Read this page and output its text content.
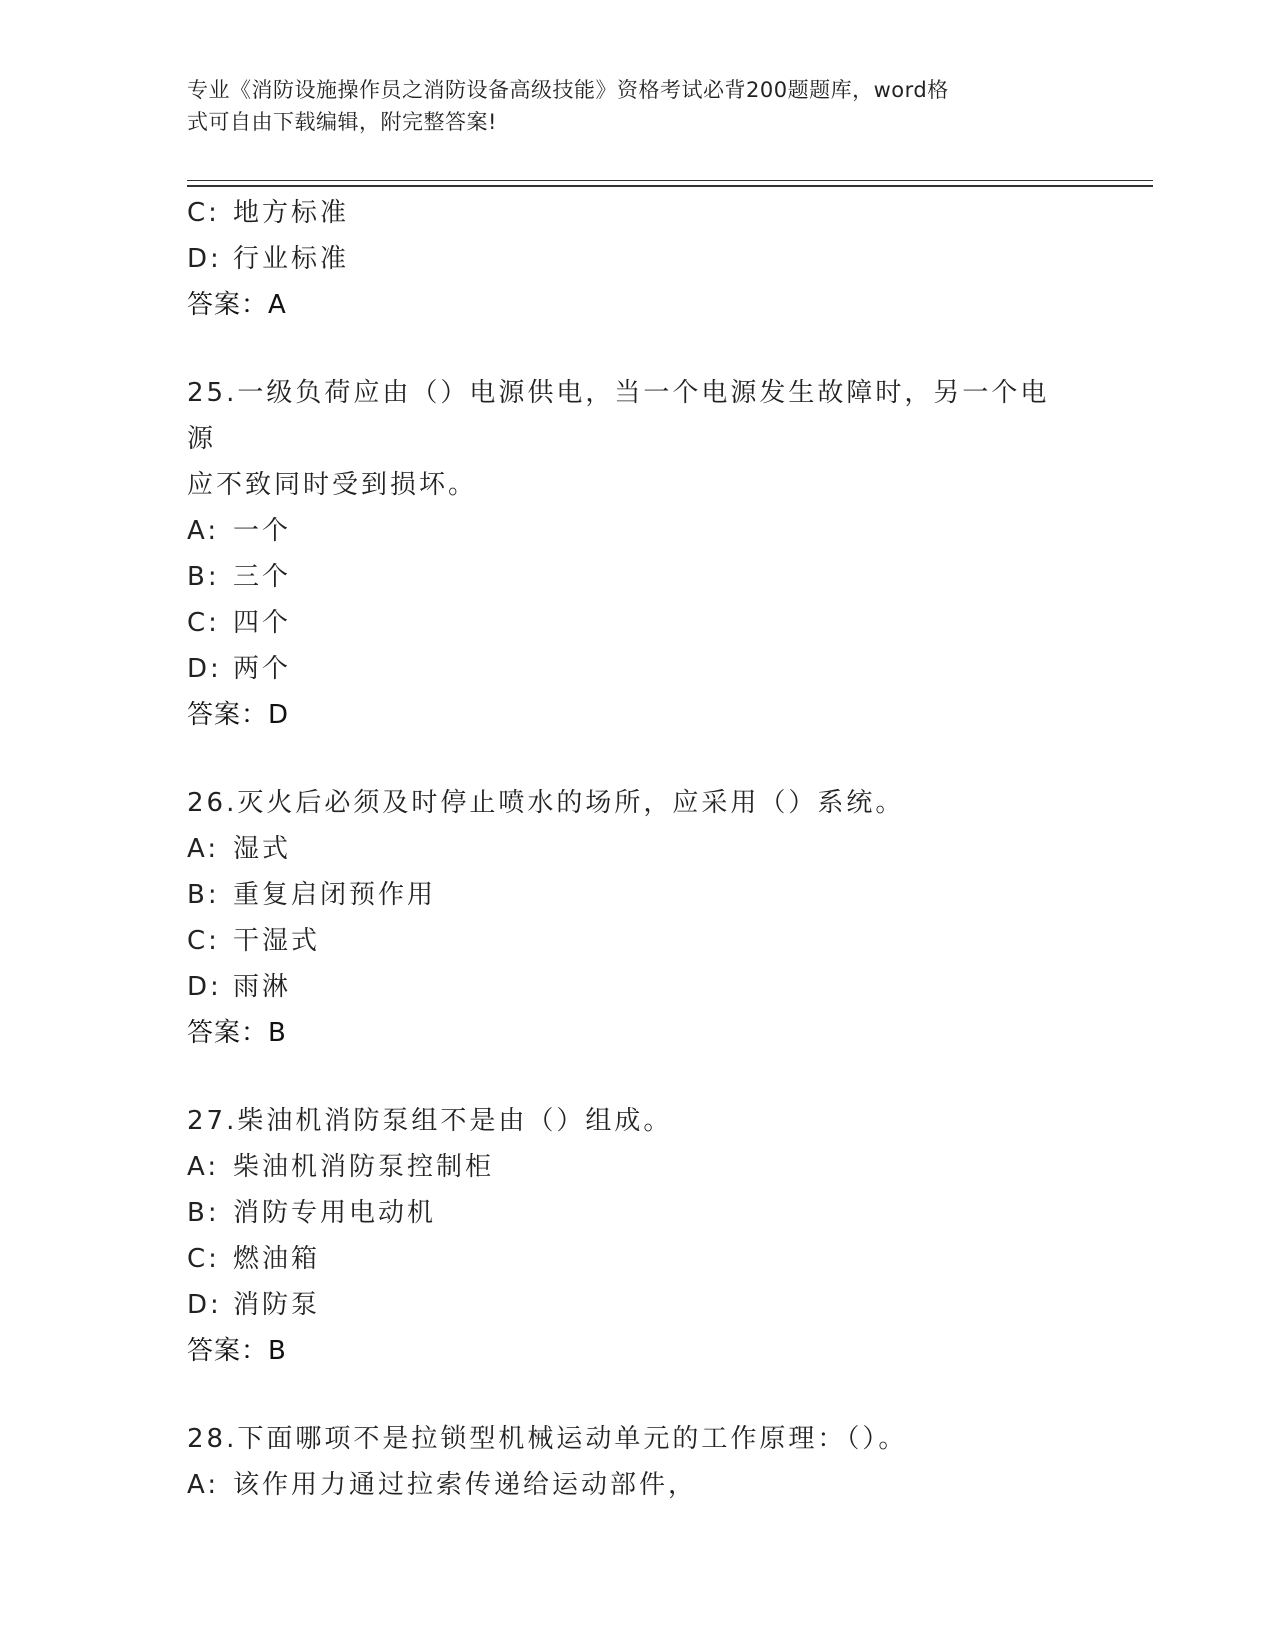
专业《消防设施操作员之消防设备高级技能》资格考试必背200题题库，word格
式可自由下载编辑，附完整答案!
C: 地方标准
D: 行业标准
答案：A
25.一级负荷应由（）电源供电，当一个电源发生故障时，另一个电源
应不致同时受到损坏。
A: 一个
B: 三个
C: 四个
D: 两个
答案：D
26.灭火后必须及时停止喷水的场所，应采用（）系统。
A: 湿式
B: 重复启闭预作用
C: 干湿式
D: 雨淋
答案：B
27.柴油机消防泵组不是由（）组成。
A: 柴油机消防泵控制柜
B: 消防专用电动机
C: 燃油箱
D: 消防泵
答案：B
28.下面哪项不是拉锁型机械运动单元的工作原理：（）。
A: 该作用力通过拉索传递给运动部件，
